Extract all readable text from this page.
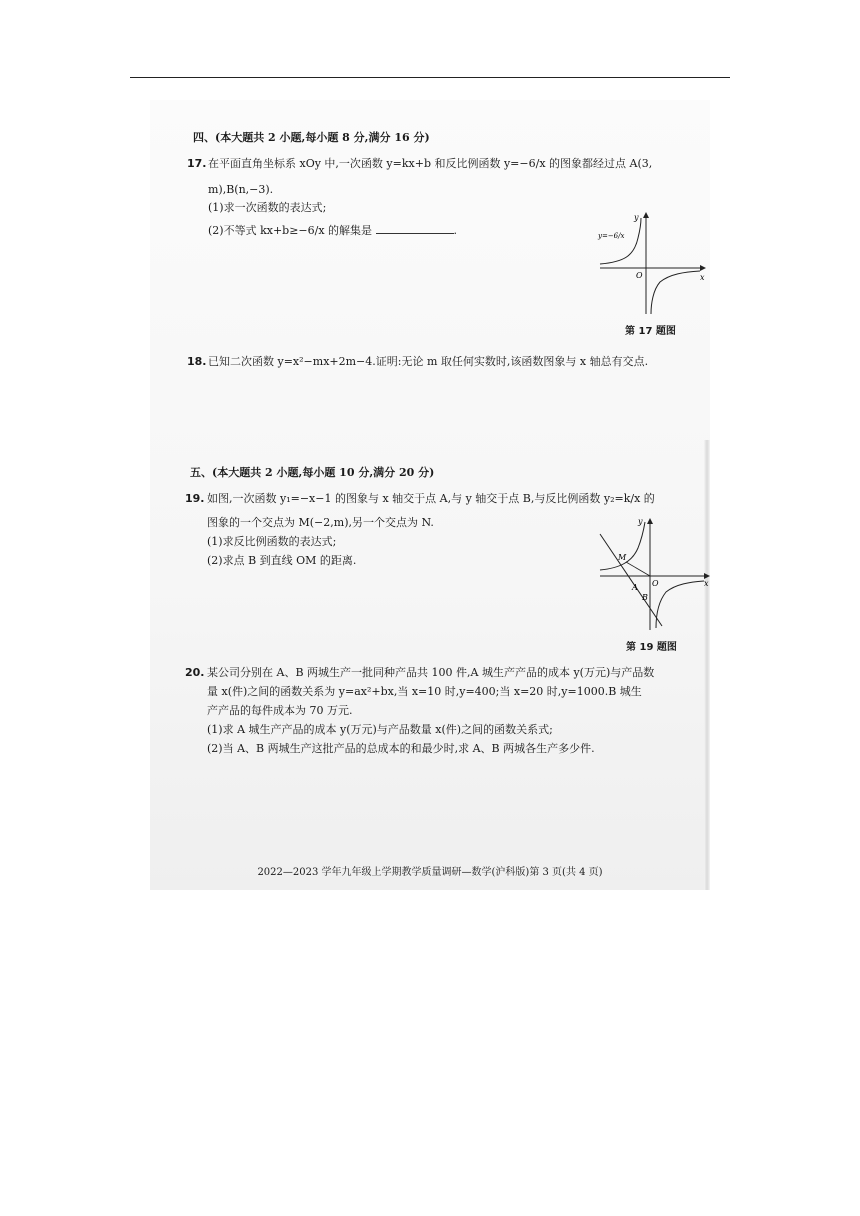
四、(本大题共 2 小题,每小题 8 分,满分 16 分)
17. 在平面直角坐标系 xOy 中,一次函数 y=kx+b 和反比例函数 y=−6/x 的图象都经过点 A(3,
m),B(n,−3).
(1)求一次函数的表达式;
(2)不等式 kx+b≥−6/x 的解集是	.
y
x
O
y=−6/x
第 17 题图
18. 已知二次函数 y=x²−mx+2m−4.证明:无论 m 取任何实数时,该函数图象与 x 轴总有交点.
五、(本大题共 2 小题,每小题 10 分,满分 20 分)
19. 如图,一次函数 y₁=−x−1 的图象与 x 轴交于点 A,与 y 轴交于点 B,与反比例函数 y₂=k/x 的
图象的一个交点为 M(−2,m),另一个交点为 N.
(1)求反比例函数的表达式;
(2)求点 B 到直线 OM 的距离.
y
x
O
M
A
B
第 19 题图
20. 某公司分别在 A、B 两城生产一批同种产品共 100 件,A 城生产产品的成本 y(万元)与产品数
量 x(件)之间的函数关系为 y=ax²+bx,当 x=10 时,y=400;当 x=20 时,y=1000.B 城生
产产品的每件成本为 70 万元.
(1)求 A 城生产产品的成本 y(万元)与产品数量 x(件)之间的函数关系式;
(2)当 A、B 两城生产这批产品的总成本的和最少时,求 A、B 两城各生产多少件.
2022—2023 学年九年级上学期教学质量调研—数学(沪科版)第 3 页(共 4 页)
